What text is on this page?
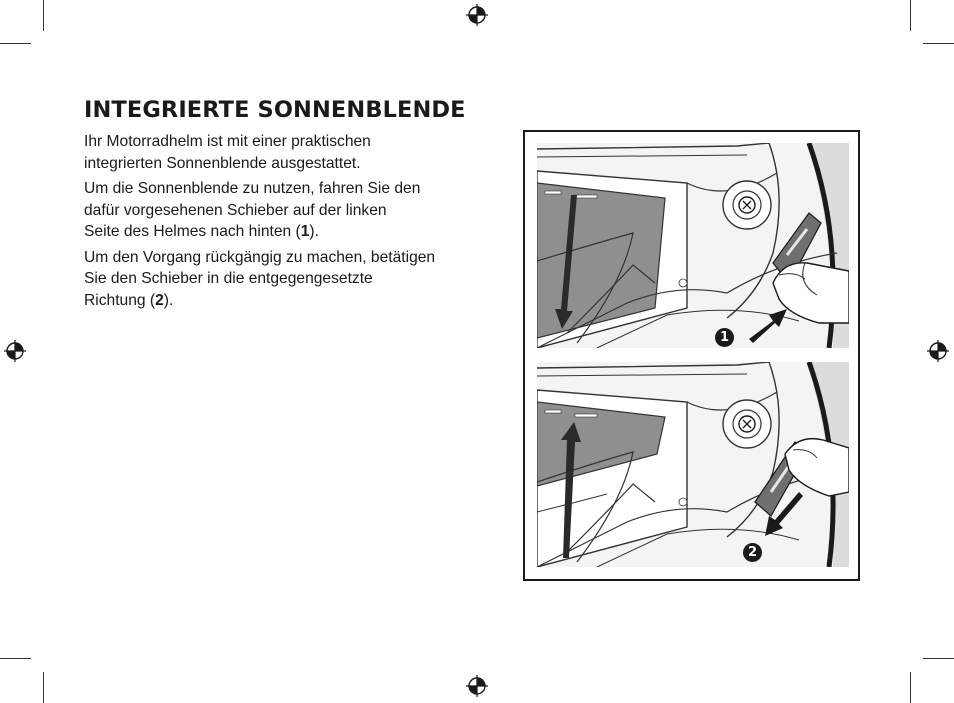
INTEGRIERTE SONNENBLENDE

Ihr Motorradhelm ist mit einer praktischen
integrierten Sonnenblende ausgestattet.

Um die Sonnenblende zu nutzen, fahren Sie den
dafür vorgesehenen Schieber auf der linken
Seite des Helmes nach hinten (1).

Um den Vorgang rückgängig zu machen, betätigen
Sie den Schieber in die entgegengesetzte
Richtung (2).

1
2
